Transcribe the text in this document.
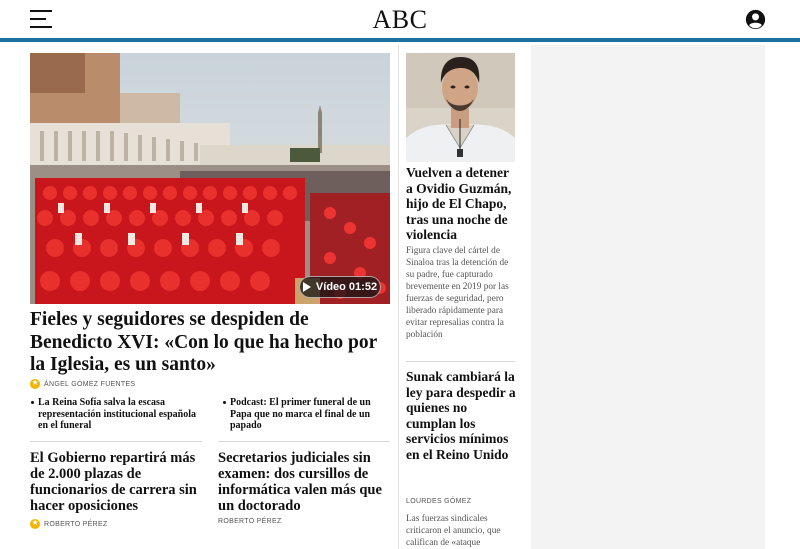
ABC
Vídeo 01:52
Fieles y seguidores se despiden de Benedicto XVI: «Con lo que ha hecho por la Iglesia, es un santo»
★
ÁNGEL GÓMEZ FUENTES
La Reina Sofía salva la escasa representación institucional española en el funeral
Podcast: El primer funeral de un Papa que no marca el final de un papado
El Gobierno repartirá más de 2.000 plazas de funcionarios de carrera sin hacer oposiciones
★
ROBERTO PÉREZ
Secretarios judiciales sin examen: dos cursillos de informática valen más que un doctorado
ROBERTO PÉREZ
Vuelven a detener a Ovidio Guzmán, hijo de El Chapo, tras una noche de violencia
Figura clave del cártel de Sinaloa tras la detención de su padre, fue capturado brevemente en 2019 por las fuerzas de seguridad, pero liberado rápidamente para evitar represalias contra la población
Sunak cambiará la ley para despedir a quienes no cumplan los servicios mínimos en el Reino Unido
LOURDES GÓMEZ
Las fuerzas sindicales criticaron el anuncio, que califican de «ataque
